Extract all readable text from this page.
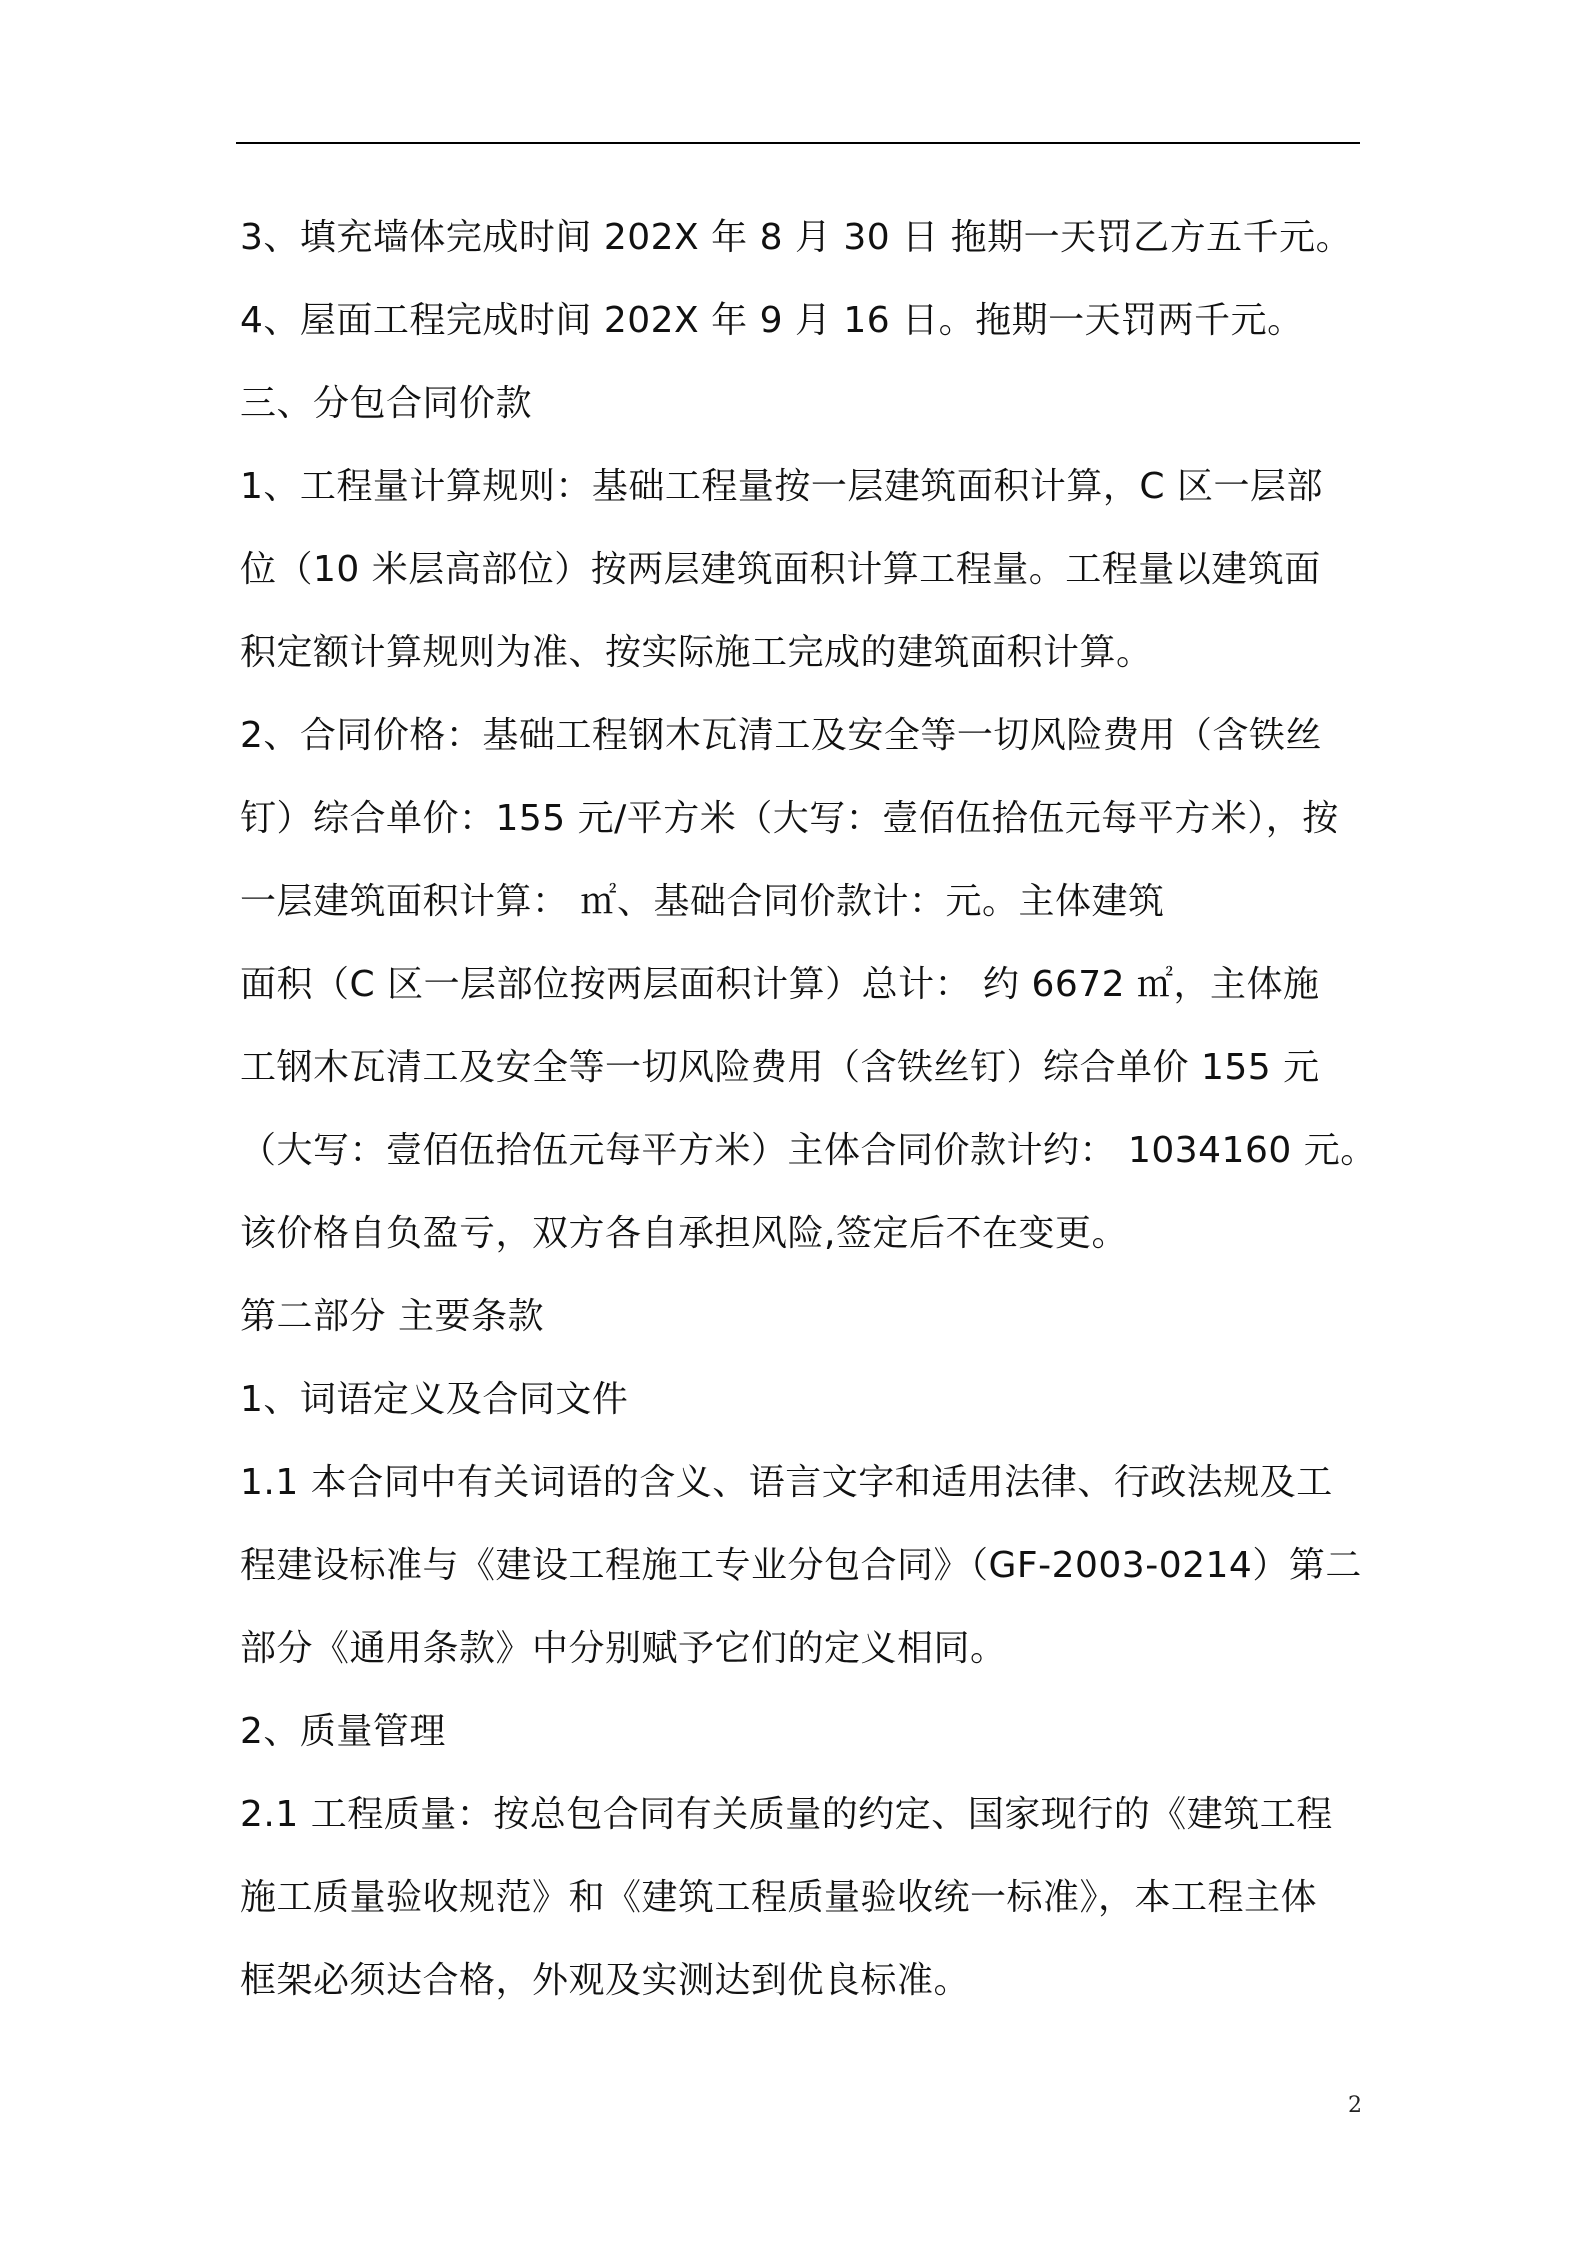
3、填充墙体完成时间 202X 年 8 月 30 日 拖期一天罚乙方五千元。
4、屋面工程完成时间 202X 年 9 月 16 日。拖期一天罚两千元。
三、分包合同价款
1、工程量计算规则：基础工程量按一层建筑面积计算，C 区一层部
位（10 米层高部位）按两层建筑面积计算工程量。工程量以建筑面
积定额计算规则为准、按实际施工完成的建筑面积计算。
2、合同价格：基础工程钢木瓦清工及安全等一切风险费用（含铁丝
钉）综合单价：155 元/平方米（大写：壹佰伍拾伍元每平方米），按
一层建筑面积计算： ㎡、基础合同价款计：元。主体建筑
面积（C 区一层部位按两层面积计算）总计： 约 6672 ㎡，主体施
工钢木瓦清工及安全等一切风险费用（含铁丝钉）综合单价 155 元
（大写：壹佰伍拾伍元每平方米）主体合同价款计约： 1034160 元。
该价格自负盈亏，双方各自承担风险,签定后不在变更。
第二部分 主要条款
1、词语定义及合同文件
1.1 本合同中有关词语的含义、语言文字和适用法律、行政法规及工
程建设标准与《建设工程施工专业分包合同》（GF-2003-0214）第二
部分《通用条款》中分别赋予它们的定义相同。
2、质量管理
2.1 工程质量：按总包合同有关质量的约定、国家现行的《建筑工程
施工质量验收规范》和《建筑工程质量验收统一标准》，本工程主体
框架必须达合格，外观及实测达到优良标准。
2
